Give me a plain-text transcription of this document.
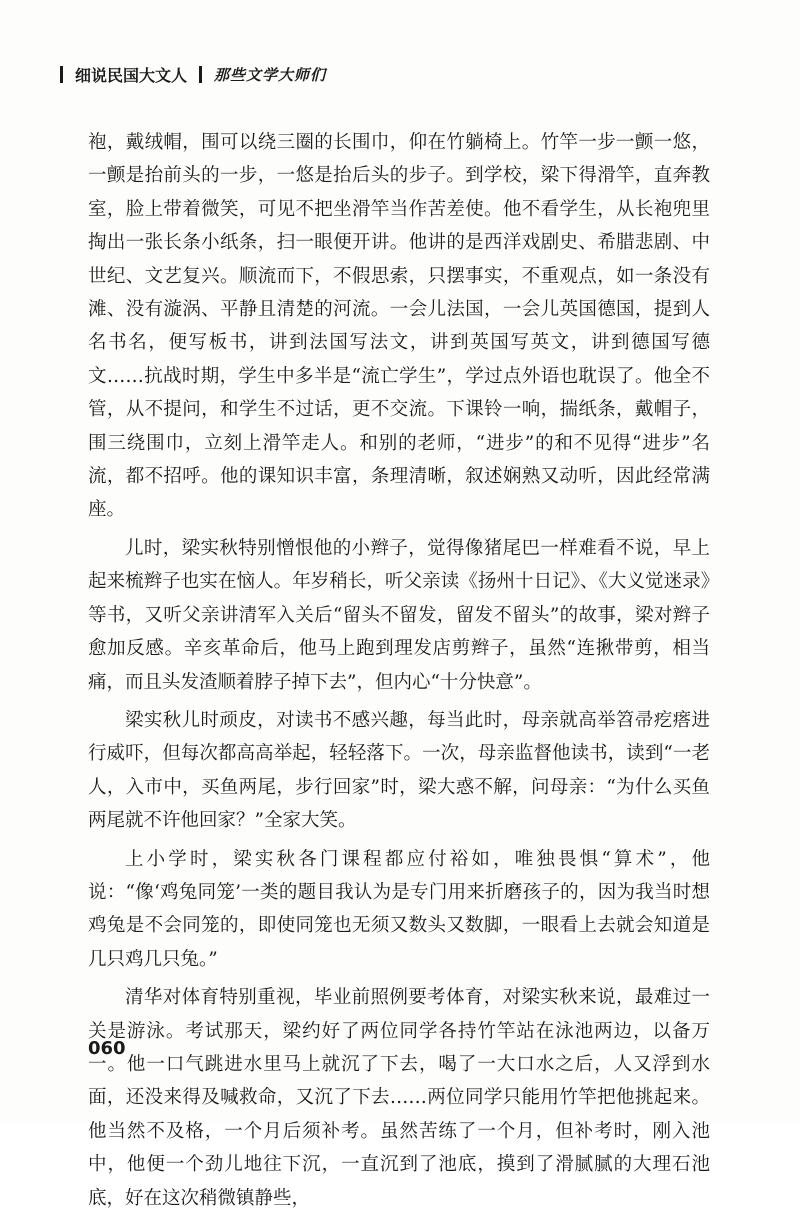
细说民国大文人 那些文学大师们

袍，戴绒帽，围可以绕三圈的长围巾，仰在竹躺椅上。竹竿一步一颤一悠，一颤是抬前头的一步，一悠是抬后头的步子。到学校，梁下得滑竿，直奔教室，脸上带着微笑，可见不把坐滑竿当作苦差使。他不看学生，从长袍兜里掏出一张长条小纸条，扫一眼便开讲。他讲的是西洋戏剧史、希腊悲剧、中世纪、文艺复兴。顺流而下，不假思索，只摆事实，不重观点，如一条没有滩、没有漩涡、平静且清楚的河流。一会儿法国，一会儿英国德国，提到人名书名，便写板书，讲到法国写法文，讲到英国写英文，讲到德国写德文……抗战时期，学生中多半是“流亡学生”，学过点外语也耽误了。他全不管，从不提问，和学生不过话，更不交流。下课铃一响，揣纸条，戴帽子，围三绕围巾，立刻上滑竿走人。和别的老师，“进步”的和不见得“进步”名流，都不招呼。他的课知识丰富，条理清晰，叙述娴熟又动听，因此经常满座。

儿时，梁实秋特别憎恨他的小辫子，觉得像猪尾巴一样难看不说，早上起来梳辫子也实在恼人。年岁稍长，听父亲读《扬州十日记》、《大义觉迷录》等书，又听父亲讲清军入关后“留头不留发，留发不留头”的故事，梁对辫子愈加反感。辛亥革命后，他马上跑到理发店剪辫子，虽然“连揪带剪，相当痛，而且头发渣顺着脖子掉下去”，但内心“十分快意”。

梁实秋儿时顽皮，对读书不感兴趣，每当此时，母亲就高举笤帚疙瘩进行威吓，但每次都高高举起，轻轻落下。一次，母亲监督他读书，读到“一老人，入市中，买鱼两尾，步行回家”时，梁大惑不解，问母亲：“为什么买鱼两尾就不许他回家？”全家大笑。

上小学时，梁实秋各门课程都应付裕如，唯独畏惧“算术”，他说：“像‘鸡兔同笼’一类的题目我认为是专门用来折磨孩子的，因为我当时想鸡兔是不会同笼的，即使同笼也无须又数头又数脚，一眼看上去就会知道是几只鸡几只兔。”

清华对体育特别重视，毕业前照例要考体育，对梁实秋来说，最难过一关是游泳。考试那天，梁约好了两位同学各持竹竿站在泳池两边，以备万一。他一口气跳进水里马上就沉了下去，喝了一大口水之后，人又浮到水面，还没来得及喊救命，又沉了下去……两位同学只能用竹竿把他挑起来。他当然不及格，一个月后须补考。虽然苦练了一个月，但补考时，刚入池中，他便一个劲儿地往下沉，一直沉到了池底，摸到了滑腻腻的大理石池底，好在这次稍微镇静些，

060
